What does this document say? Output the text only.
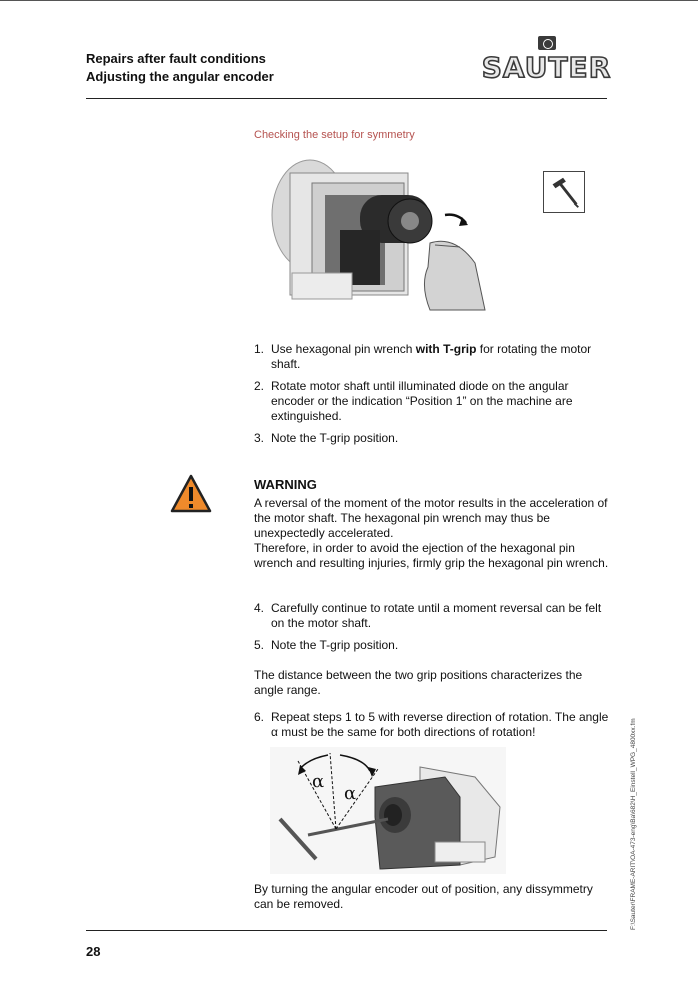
Repairs after fault conditions
Adjusting the angular encoder	SAUTER
Checking the setup for symmetry
1. Use hexagonal pin wrench with T-grip for rotating the motor shaft.
2. Rotate motor shaft until illuminated diode on the angular encoder or the indication “Position 1” on the machine are extinguished.
3. Note the T-grip position.
WARNING
A reversal of the moment of the motor results in the acceleration of the motor shaft. The hexagonal pin wrench may thus be unexpectedly accelerated.
Therefore, in order to avoid the ejection of the hexagonal pin wrench and resulting injuries, firmly grip the hexagonal pin wrench.
4. Carefully continue to rotate until a moment reversal can be felt on the motor shaft.
5. Note the T-grip position.
The distance between the two grip positions characterizes the angle range.
6. Repeat steps 1 to 5 with reverse direction of rotation. The angle α must be the same for both directions of rotation!
α
α
By turning the angular encoder out of position, any dissymmetry can be removed.
28
F:\Sauter\FRAME-ARIT\OA-473-eng\Ba\682\H_Einstell_WPG_4800xx.fm
